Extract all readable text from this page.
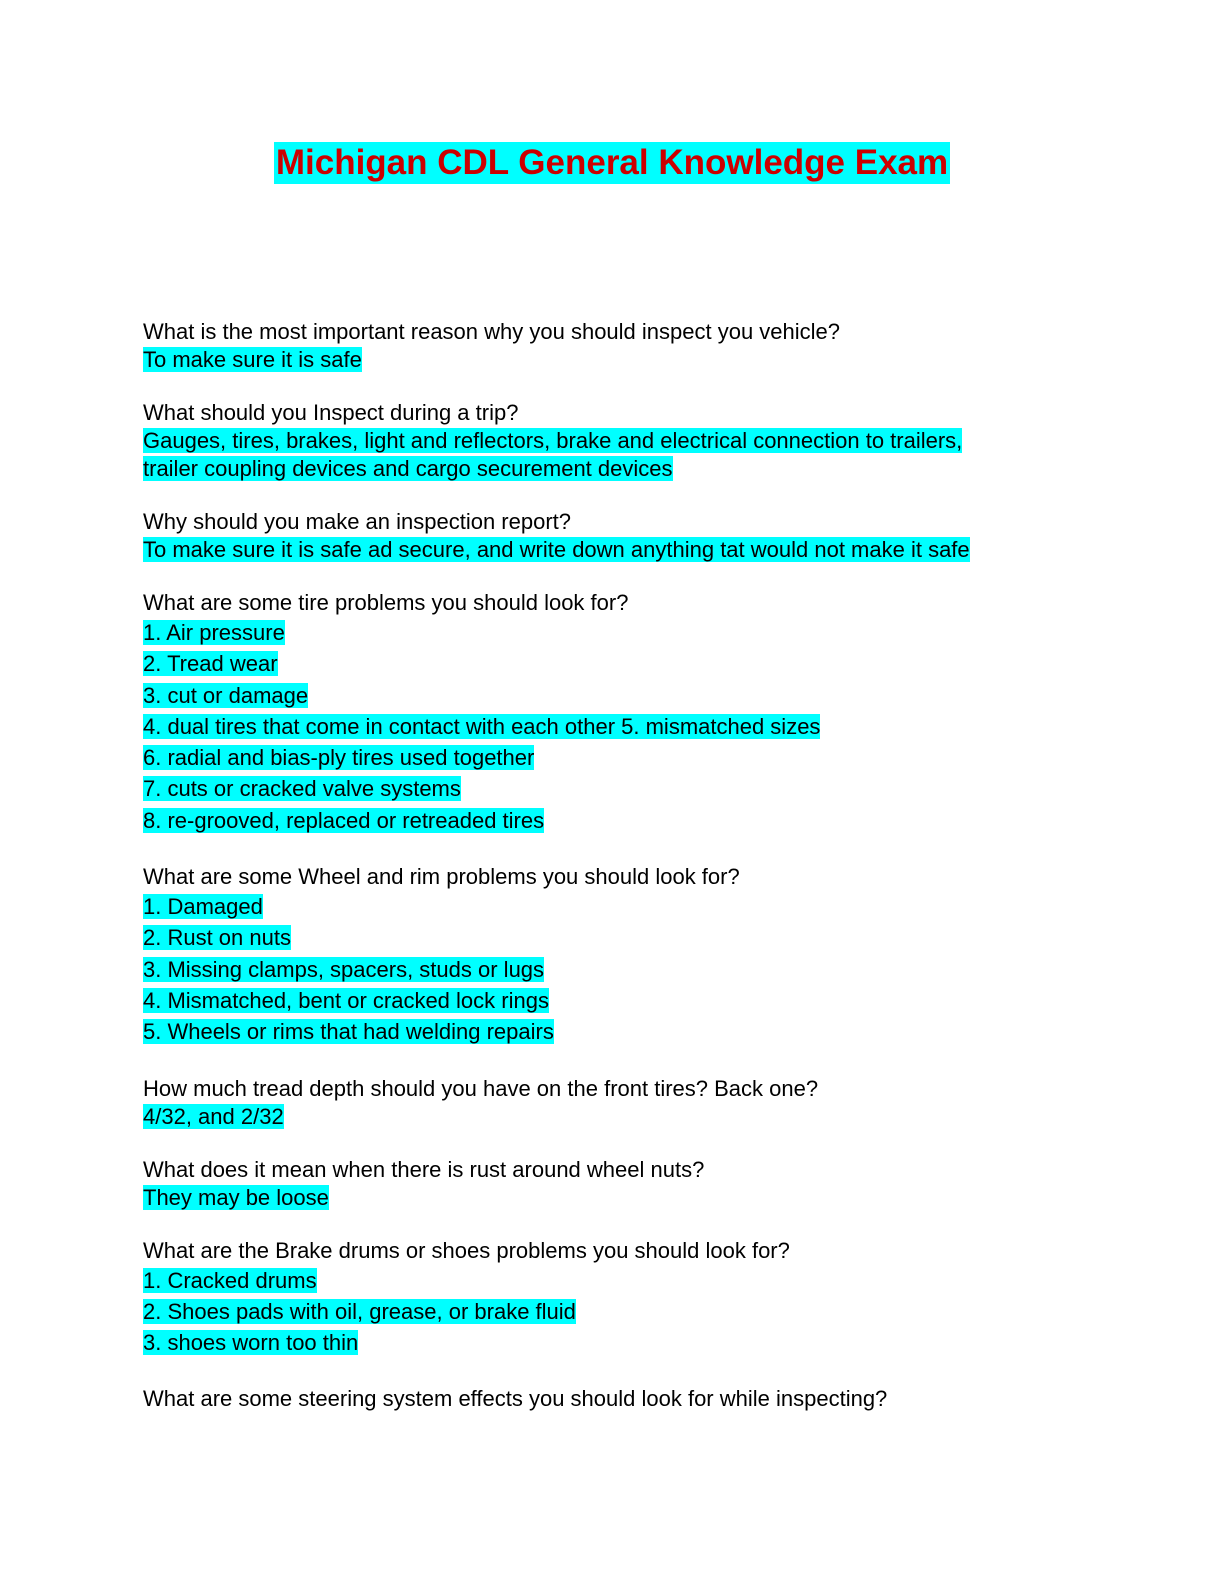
Michigan CDL General Knowledge Exam
What is the most important reason why you should inspect you vehicle?
To make sure it is safe
What should you Inspect during a trip?
Gauges, tires, brakes, light and reflectors, brake and electrical connection to trailers,
trailer coupling devices and cargo securement devices
Why should you make an inspection report?
To make sure it is safe ad secure, and write down anything tat would not make it safe
What are some tire problems you should look for?
1. Air pressure
2. Tread wear
3. cut or damage
4. dual tires that come in contact with each other 5. mismatched sizes
6. radial and bias-ply tires used together
7. cuts or cracked valve systems
8. re-grooved, replaced or retreaded tires
What are some Wheel and rim problems you should look for?
1. Damaged
2. Rust on nuts
3. Missing clamps, spacers, studs or lugs
4. Mismatched, bent or cracked lock rings
5. Wheels or rims that had welding repairs
How much tread depth should you have on the front tires? Back one?
4/32, and 2/32
What does it mean when there is rust around wheel nuts?
They may be loose
What are the Brake drums or shoes problems you should look for?
1. Cracked drums
2. Shoes pads with oil, grease, or brake fluid
3. shoes worn too thin
What are some steering system effects you should look for while inspecting?
